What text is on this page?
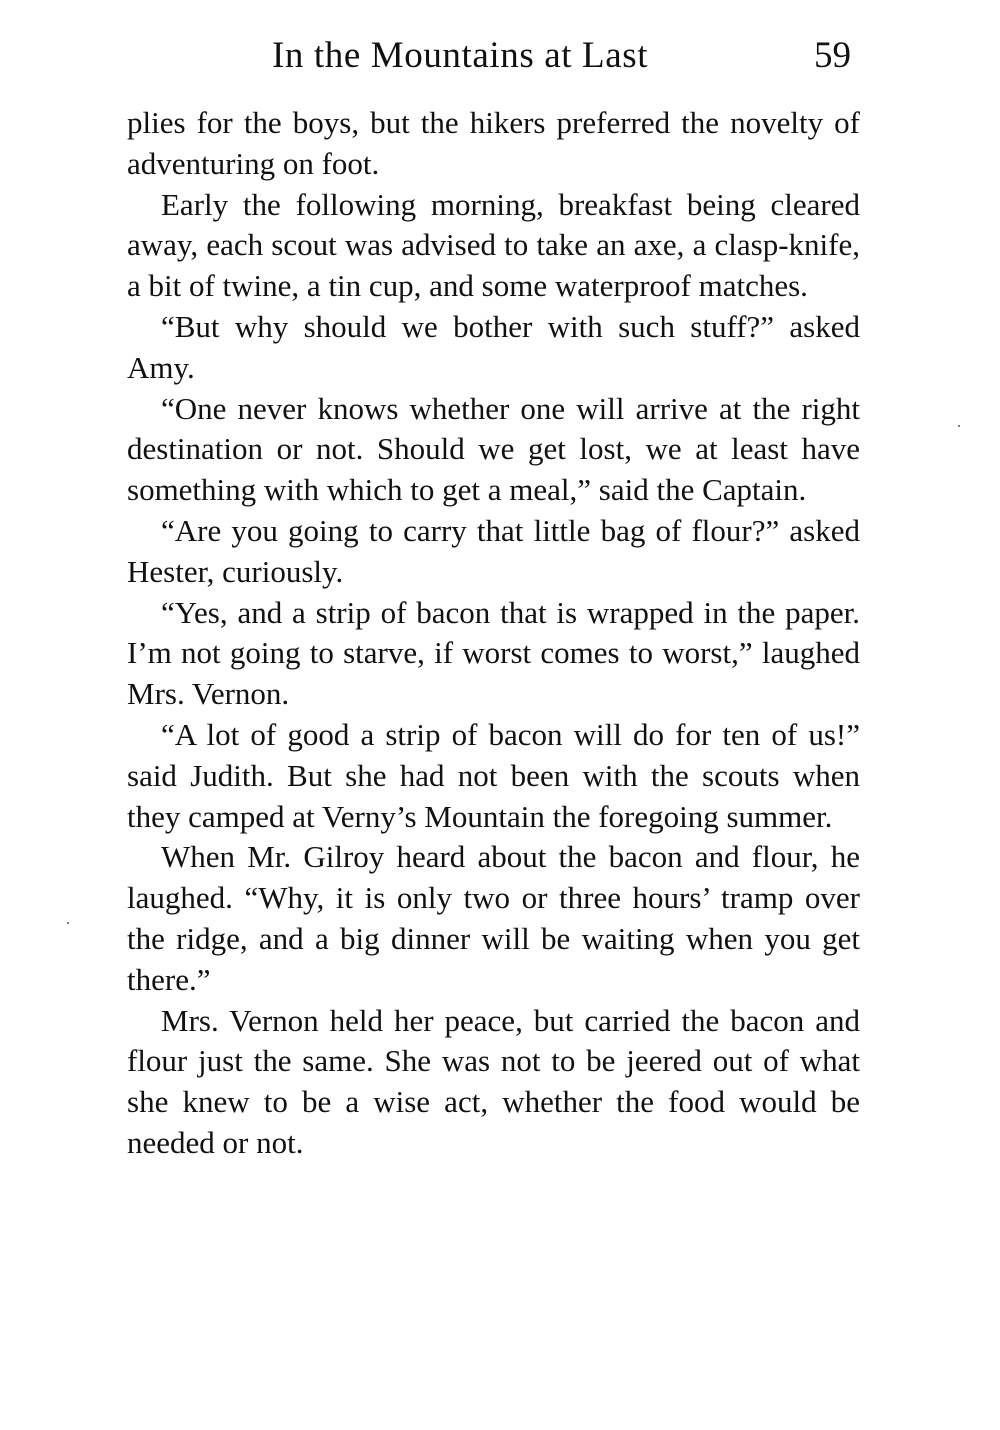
In the Mountains at Last	59

plies for the boys, but the hikers preferred the novelty of adventuring on foot.

Early the following morning, breakfast being cleared away, each scout was advised to take an axe, a clasp-knife, a bit of twine, a tin cup, and some waterproof matches.

“But why should we bother with such stuff?” asked Amy.

“One never knows whether one will arrive at the right destination or not. Should we get lost, we at least have something with which to get a meal,” said the Captain.

“Are you going to carry that little bag of flour?” asked Hester, curiously.

“Yes, and a strip of bacon that is wrapped in the paper. I’m not going to starve, if worst comes to worst,” laughed Mrs. Vernon.

“A lot of good a strip of bacon will do for ten of us!” said Judith. But she had not been with the scouts when they camped at Verny’s Mountain the foregoing summer.

When Mr. Gilroy heard about the bacon and flour, he laughed. “Why, it is only two or three hours’ tramp over the ridge, and a big dinner will be waiting when you get there.”

Mrs. Vernon held her peace, but carried the bacon and flour just the same. She was not to be jeered out of what she knew to be a wise act, whether the food would be needed or not.
